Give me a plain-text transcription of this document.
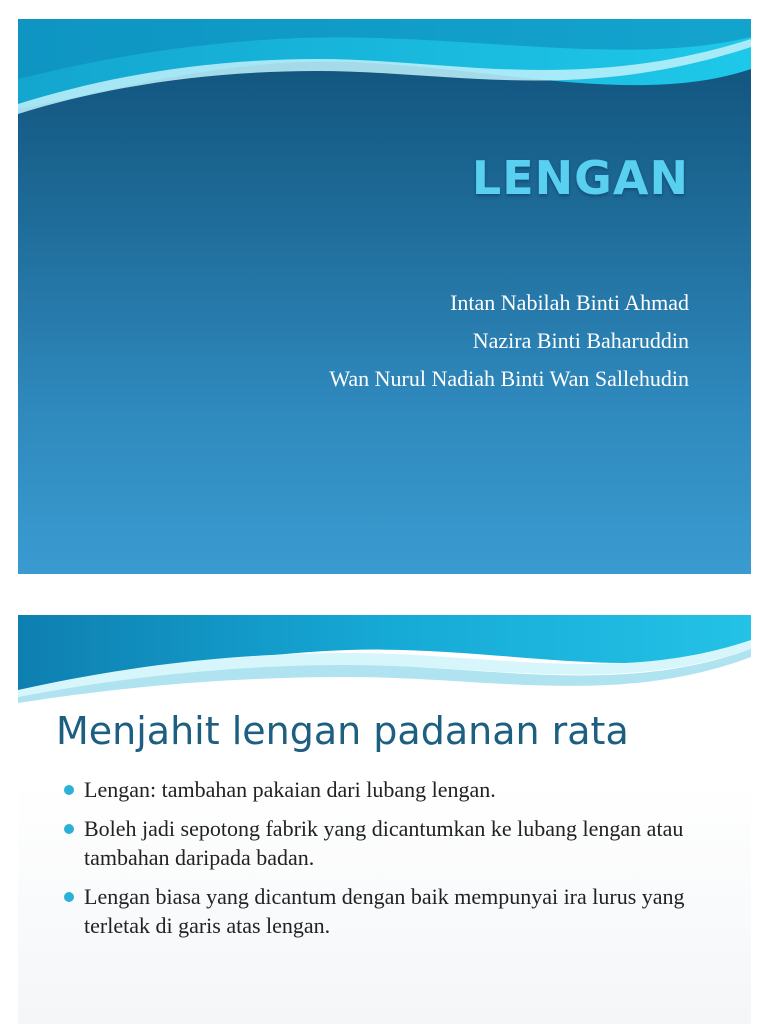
LENGAN
Intan Nabilah Binti Ahmad
Nazira Binti Baharuddin
Wan Nurul Nadiah Binti Wan Sallehudin
Menjahit lengan padanan rata
Lengan: tambahan pakaian dari lubang lengan.
Boleh jadi sepotong fabrik yang dicantumkan ke lubang lengan atau tambahan daripada badan.
Lengan biasa yang dicantum dengan baik mempunyai ira lurus yang terletak di garis atas lengan.
